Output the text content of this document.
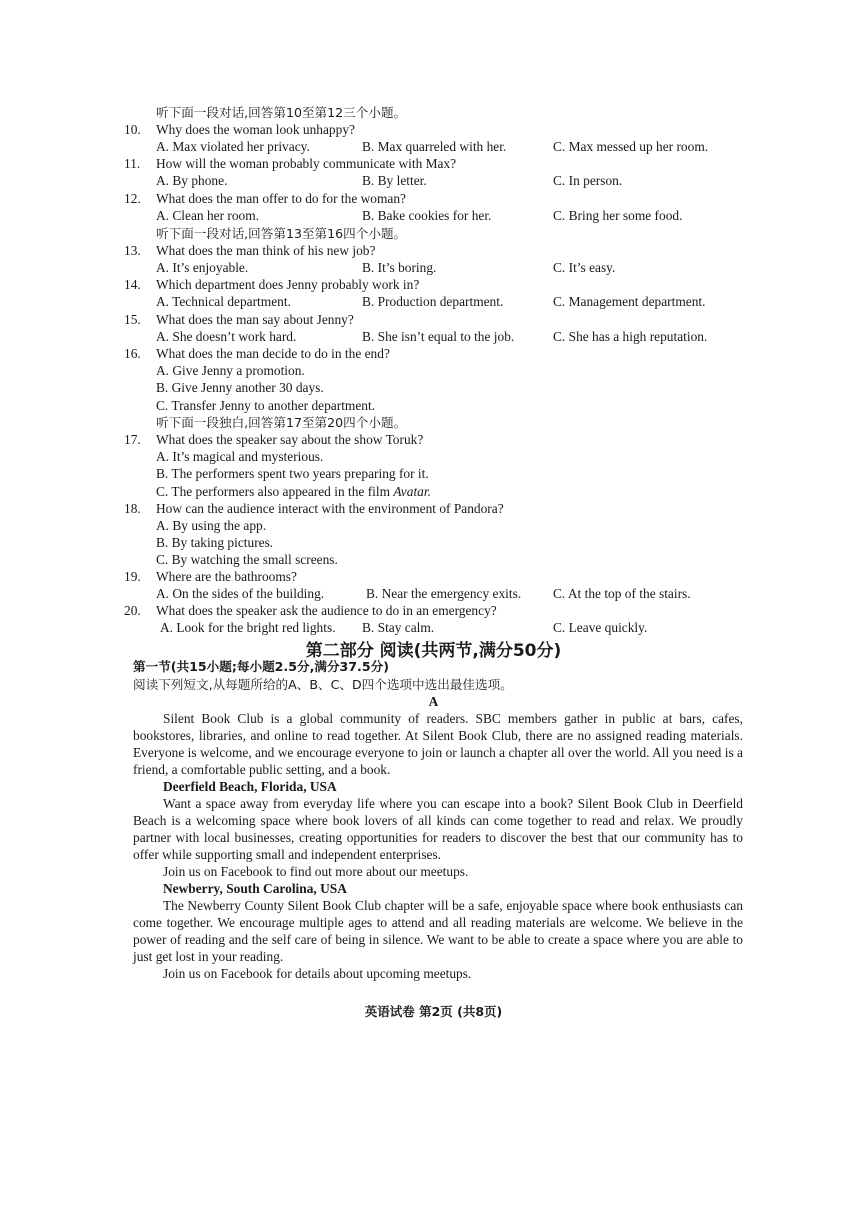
听下面一段对话,回答第10至第12三个小题。
10. Why does the woman look unhappy?
A. Max violated her privacy.	B. Max quarreled with her.	C. Max messed up her room.
11. How will the woman probably communicate with Max?
A. By phone.	B. By letter.	C. In person.
12. What does the man offer to do for the woman?
A. Clean her room.	B. Bake cookies for her.	C. Bring her some food.
听下面一段对话,回答第13至第16四个小题。
13. What does the man think of his new job?
A. It’s enjoyable.	B. It’s boring.	C. It’s easy.
14. Which department does Jenny probably work in?
A. Technical department.	B. Production department.	C. Management department.
15. What does the man say about Jenny?
A. She doesn’t work hard.	B. She isn’t equal to the job.	C. She has a high reputation.
16. What does the man decide to do in the end?
A. Give Jenny a promotion.
B. Give Jenny another 30 days.
C. Transfer Jenny to another department.
听下面一段独白,回答第17至第20四个小题。
17. What does the speaker say about the show Toruk?
A. It’s magical and mysterious.
B. The performers spent two years preparing for it.
C. The performers also appeared in the film Avatar.
18. How can the audience interact with the environment of Pandora?
A. By using the app.
B. By taking pictures.
C. By watching the small screens.
19. Where are the bathrooms?
A. On the sides of the building.	B. Near the emergency exits. C. At the top of the stairs.
20. What does the speaker ask the audience to do in an emergency?
A. Look for the bright red lights. B. Stay calm.	C. Leave quickly.
第二部分 阅读(共两节,满分50分)
第一节(共15小题;每小题2.5分,满分37.5分)
阅读下列短文,从每题所给的A、B、C、D四个选项中选出最佳选项。
A

Silent Book Club is a global community of readers. SBC members gather in public at bars, cafes, bookstores, libraries, and online to read together. At Silent Book Club, there are no assigned reading materials. Everyone is welcome, and we encourage everyone to join or launch a chapter all over the world. All you need is a friend, a comfortable public setting, and a book.

Deerfield Beach, Florida, USA

Want a space away from everyday life where you can escape into a book? Silent Book Club in Deerfield Beach is a welcoming space where book lovers of all kinds can come together to read and relax. We proudly partner with local businesses, creating opportunities for readers to discover the best that our community has to offer while supporting small and independent enterprises.

Join us on Facebook to find out more about our meetups.

Newberry, South Carolina, USA

The Newberry County Silent Book Club chapter will be a safe, enjoyable space where book enthusiasts can come together. We encourage multiple ages to attend and all reading materials are welcome. We believe in the power of reading and the self care of being in silence. We want to be able to create a space where you are able to just get lost in your reading.

Join us on Facebook for details about upcoming meetups.

英语试卷 第2页 (共8页)
